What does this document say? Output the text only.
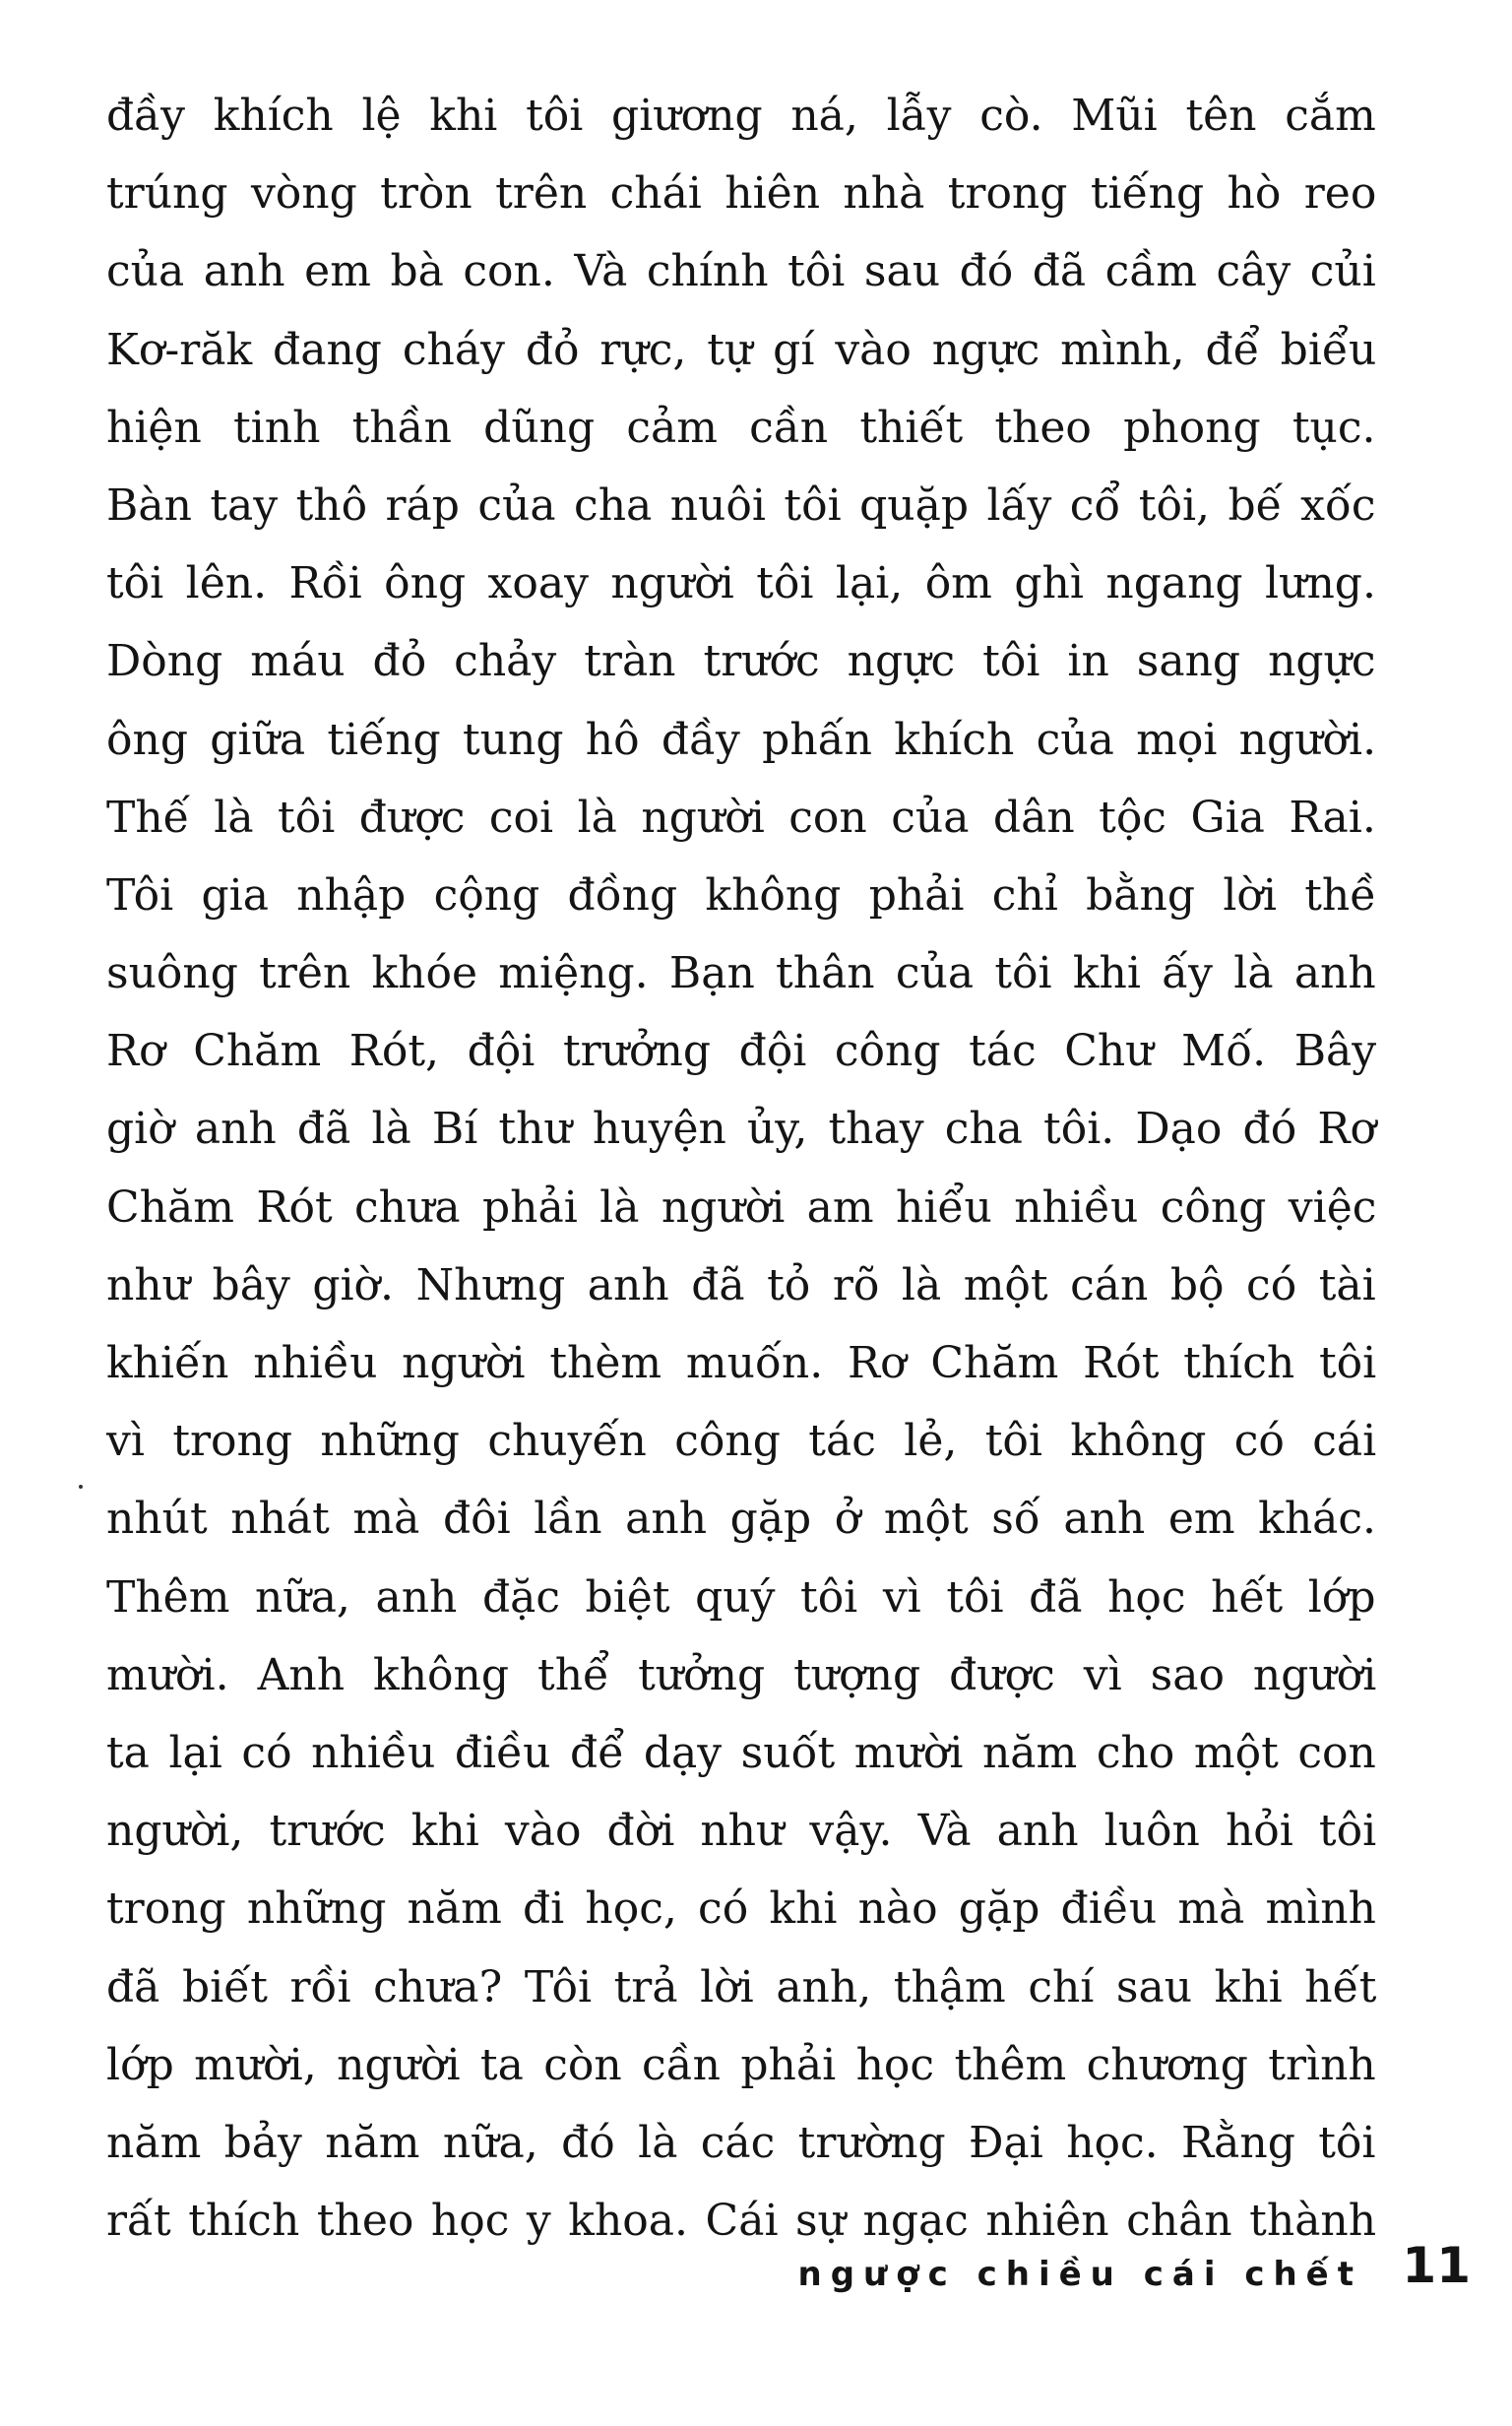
đầy khích lệ khi tôi giương ná, lẫy cò. Mũi tên cắm
trúng vòng tròn trên chái hiên nhà trong tiếng hò reo
của anh em bà con. Và chính tôi sau đó đã cầm cây củi
Kơ-răk đang cháy đỏ rực, tự gí vào ngực mình, để biểu
hiện tinh thần dũng cảm cần thiết theo phong tục.
Bàn tay thô ráp của cha nuôi tôi quặp lấy cổ tôi, bế xốc
tôi lên. Rồi ông xoay người tôi lại, ôm ghì ngang lưng.
Dòng máu đỏ chảy tràn trước ngực tôi in sang ngực
ông giữa tiếng tung hô đầy phấn khích của mọi người.
Thế là tôi được coi là người con của dân tộc Gia Rai.
Tôi gia nhập cộng đồng không phải chỉ bằng lời thề
suông trên khóe miệng. Bạn thân của tôi khi ấy là anh
Rơ Chăm Rót, đội trưởng đội công tác Chư Mố. Bây
giờ anh đã là Bí thư huyện ủy, thay cha tôi. Dạo đó Rơ
Chăm Rót chưa phải là người am hiểu nhiều công việc
như bây giờ. Nhưng anh đã tỏ rõ là một cán bộ có tài
khiến nhiều người thèm muốn. Rơ Chăm Rót thích tôi
vì trong những chuyến công tác lẻ, tôi không có cái
nhút nhát mà đôi lần anh gặp ở một số anh em khác.
Thêm nữa, anh đặc biệt quý tôi vì tôi đã học hết lớp
mười. Anh không thể tưởng tượng được vì sao người
ta lại có nhiều điều để dạy suốt mười năm cho một con
người, trước khi vào đời như vậy. Và anh luôn hỏi tôi
trong những năm đi học, có khi nào gặp điều mà mình
đã biết rồi chưa? Tôi trả lời anh, thậm chí sau khi hết
lớp mười, người ta còn cần phải học thêm chương trình
năm bảy năm nữa, đó là các trường Đại học. Rằng tôi
rất thích theo học y khoa. Cái sự ngạc nhiên chân thành
ngược chiều cái chết 11
